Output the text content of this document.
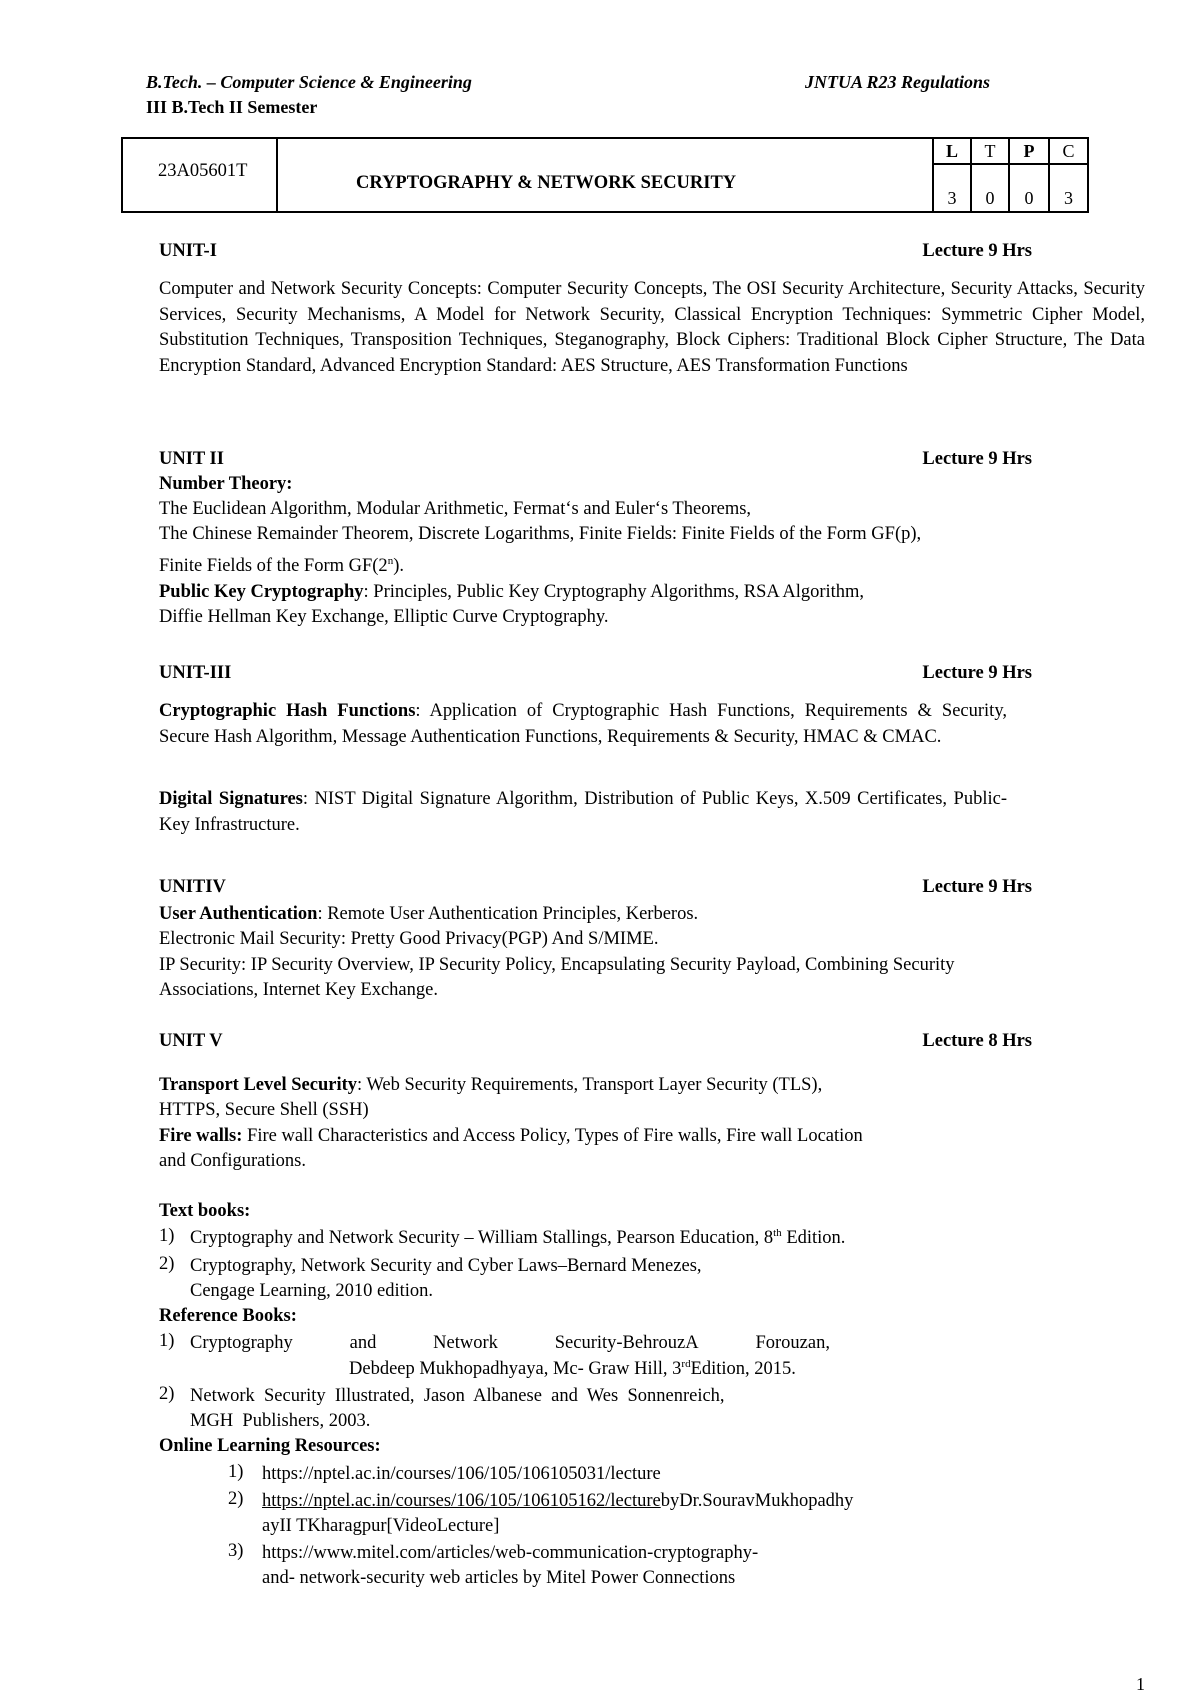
B.Tech. – Computer Science & Engineering	JNTUA R23 Regulations
III B.Tech II Semester
23A05601T	CRYPTOGRAPHY & NETWORK SECURITY	L	T	P	C
		3	0	0	3
UNIT-I	Lecture 9 Hrs
Computer and Network Security Concepts: Computer Security Concepts, The OSI Security Architecture, Security Attacks, Security Services, Security Mechanisms, A Model for Network Security, Classical Encryption Techniques: Symmetric Cipher Model, Substitution Techniques, Transposition Techniques, Steganography, Block Ciphers: Traditional Block Cipher Structure, The Data Encryption Standard, Advanced Encryption Standard: AES Structure, AES Transformation Functions
UNIT II	Lecture 9 Hrs
Number Theory:
The Euclidean Algorithm, Modular Arithmetic, Fermat‘s and Euler‘s Theorems,
The Chinese Remainder Theorem, Discrete Logarithms, Finite Fields: Finite Fields of the Form GF(p),
Finite Fields of the Form GF(2$^n$).
Public Key Cryptography: Principles, Public Key Cryptography Algorithms, RSA Algorithm,
Diffie Hellman Key Exchange, Elliptic Curve Cryptography.
UNIT-III	Lecture 9 Hrs
Cryptographic Hash Functions: Application of Cryptographic Hash Functions, Requirements & Security, Secure Hash Algorithm, Message Authentication Functions, Requirements & Security, HMAC & CMAC.
Digital Signatures: NIST Digital Signature Algorithm, Distribution of Public Keys, X.509 Certificates, Public- Key Infrastructure.
UNITIV	Lecture 9 Hrs
User Authentication: Remote User Authentication Principles, Kerberos.
Electronic Mail Security: Pretty Good Privacy(PGP) And S/MIME.
IP Security: IP Security Overview, IP Security Policy, Encapsulating Security Payload, Combining Security
Associations, Internet Key Exchange.
UNIT V	Lecture 8 Hrs
Transport Level Security: Web Security Requirements, Transport Layer Security (TLS),
HTTPS, Secure Shell (SSH)
Fire walls: Fire wall Characteristics and Access Policy, Types of Fire walls, Fire wall Location
and Configurations.
Text books:
1) Cryptography and Network Security – William Stallings, Pearson Education, 8th Edition.
2) Cryptography, Network Security and Cyber Laws–Bernard Menezes,
Cengage Learning, 2010 edition.
Reference Books:
1) Cryptography	and	Network	Security-BehrouzA	Forouzan,
Debdeep Mukhopadhyaya, Mc- Graw Hill, 3rdEdition, 2015.
2) Network  Security  Illustrated,  Jason  Albanese  and  Wes  Sonnenreich,
MGH  Publishers, 2003.
Online Learning Resources:
1) https://nptel.ac.in/courses/106/105/106105031/lecture
2) https://nptel.ac.in/courses/106/105/106105162/lecturebyDr.SouravMukhopadhy
ayII TKharagpur[VideoLecture]
3) https://www.mitel.com/articles/web-communication-cryptography-
and- network-security web articles by Mitel Power Connections
1
